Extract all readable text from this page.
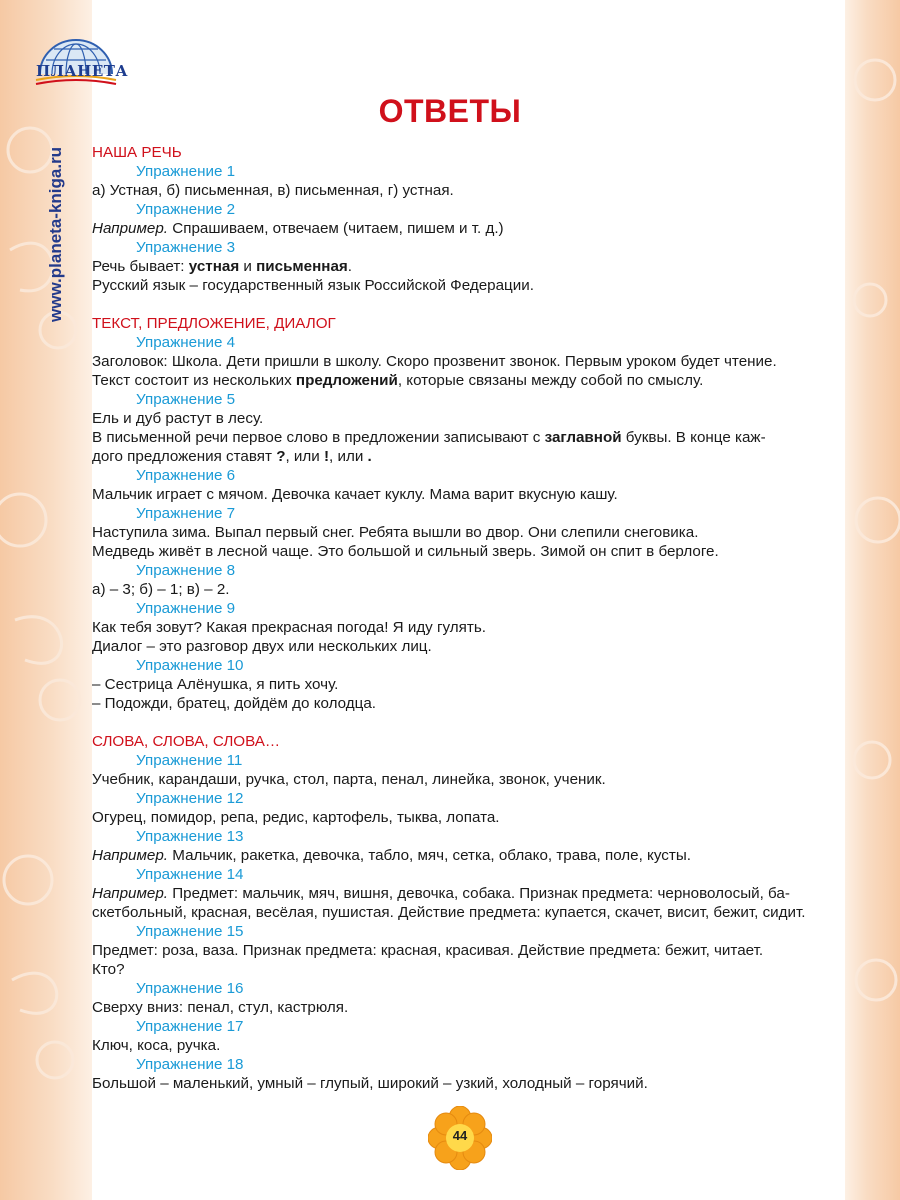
ПЛАНЕТА
www.planeta-kniga.ru
ОТВЕТЫ

НАША РЕЧЬ

Упражнение 1

а) Устная, б) письменная, в) письменная, г) устная.

Упражнение 2

Например. Спрашиваем, отвечаем (читаем, пишем и т. д.)

Упражнение 3

Речь бывает: устная и письменная.

Русский язык – государственный язык Российской Федерации.

ТЕКСТ, ПРЕДЛОЖЕНИЕ, ДИАЛОГ

Упражнение 4

Заголовок: Школа. Дети пришли в школу. Скоро прозвенит звонок. Первым уроком будет чтение.

Текст состоит из нескольких предложений, которые связаны между собой по смыслу.

Упражнение 5

Ель и дуб растут в лесу.

В письменной речи первое слово в предложении записывают с заглавной буквы. В конце каж-

дого предложения ставят ?, или !, или .

Упражнение 6

Мальчик играет с мячом. Девочка качает куклу. Мама варит вкусную кашу.

Упражнение 7

Наступила зима. Выпал первый снег. Ребята вышли во двор. Они слепили снеговика.

Медведь живёт в лесной чаще. Это большой и сильный зверь. Зимой он спит в берлоге.

Упражнение 8

а) – 3; б) – 1; в) – 2.

Упражнение 9

Как тебя зовут? Какая прекрасная погода! Я иду гулять.

Диалог – это разговор двух или нескольких лиц.

Упражнение 10

– Сестрица Алёнушка, я пить хочу.

– Подожди, братец, дойдём до колодца.

СЛОВА, СЛОВА, СЛОВА…

Упражнение 11

Учебник, карандаши, ручка, стол, парта, пенал, линейка, звонок, ученик.

Упражнение 12

Огурец, помидор, репа, редис, картофель, тыква, лопата.

Упражнение 13

Например. Мальчик, ракетка, девочка, табло, мяч, сетка, облако, трава, поле, кусты.

Упражнение 14

Например. Предмет: мальчик, мяч, вишня, девочка, собака. Признак предмета: черноволосый, ба-

скетбольный, красная, весёлая, пушистая. Действие предмета: купается, скачет, висит, бежит, сидит.

Упражнение 15

Предмет: роза, ваза. Признак предмета: красная, красивая. Действие предмета: бежит, читает.

Кто?

Упражнение 16

Сверху вниз: пенал, стул, кастрюля.

Упражнение 17

Ключ, коса, ручка.

Упражнение 18

Большой – маленький, умный – глупый, широкий – узкий, холодный – горячий.

44
